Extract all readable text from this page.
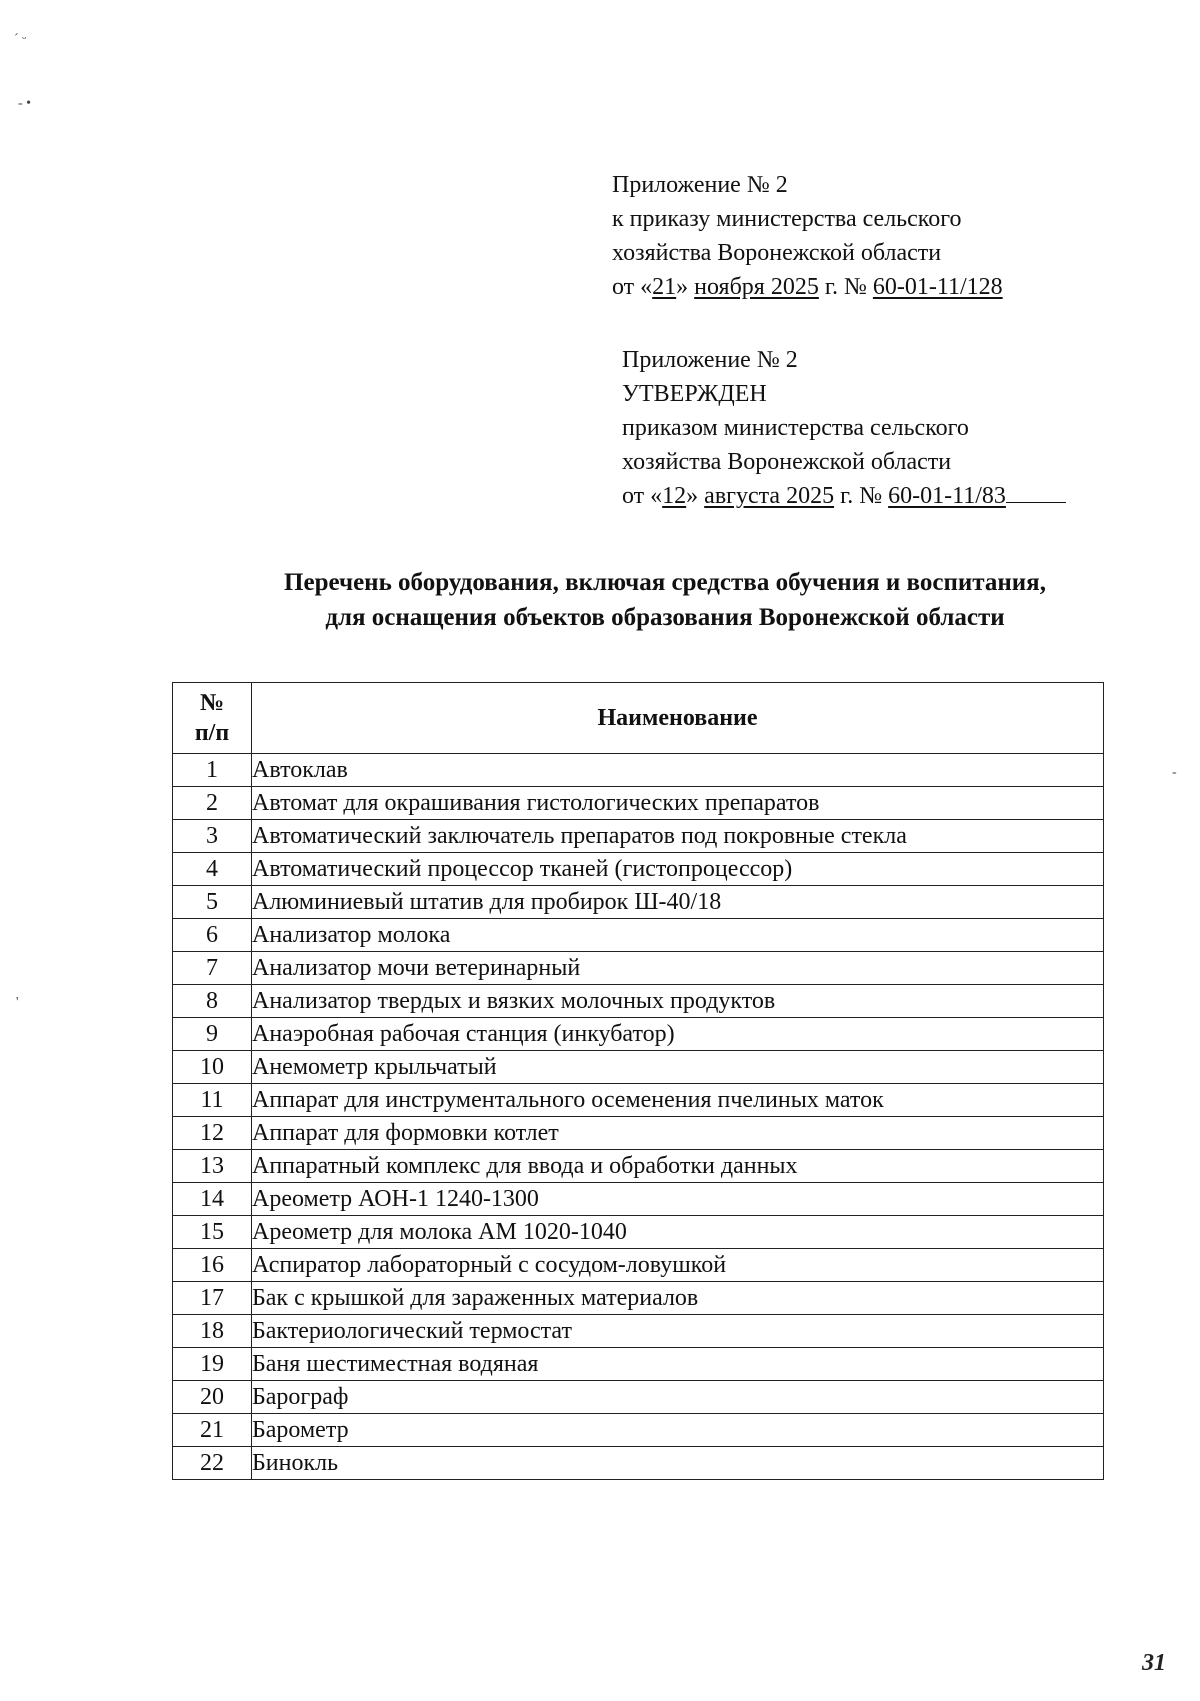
ˊ ᵕ
- •
'
-
Приложение № 2
к приказу министерства сельского
хозяйства Воронежской области
от «21» ноября 2025 г. № 60-01-11/128
Приложение № 2
УТВЕРЖДЕН
приказом министерства сельского
хозяйства Воронежской области
от «12» августа 2025 г. № 60-01-11/83
Перечень оборудования, включая средства обучения и воспитания,
для оснащения объектов образования Воронежской области
№
п/п	Наименование
1	Автоклав
2	Автомат для окрашивания гистологических препаратов
3	Автоматический заключатель препаратов под покровные стекла
4	Автоматический процессор тканей (гистопроцессор)
5	Алюминиевый штатив для пробирок Ш-40/18
6	Анализатор молока
7	Анализатор мочи ветеринарный
8	Анализатор твердых и вязких молочных продуктов
9	Анаэробная рабочая станция (инкубатор)
10	Анемометр крыльчатый
11	Аппарат для инструментального осеменения пчелиных маток
12	Аппарат для формовки котлет
13	Аппаратный комплекс для ввода и обработки данных
14	Ареометр АОН-1 1240-1300
15	Ареометр для молока АМ 1020-1040
16	Аспиратор лабораторный с сосудом-ловушкой
17	Бак с крышкой для зараженных материалов
18	Бактериологический термостат
19	Баня шестиместная водяная
20	Барограф
21	Барометр
22	Бинокль
31
